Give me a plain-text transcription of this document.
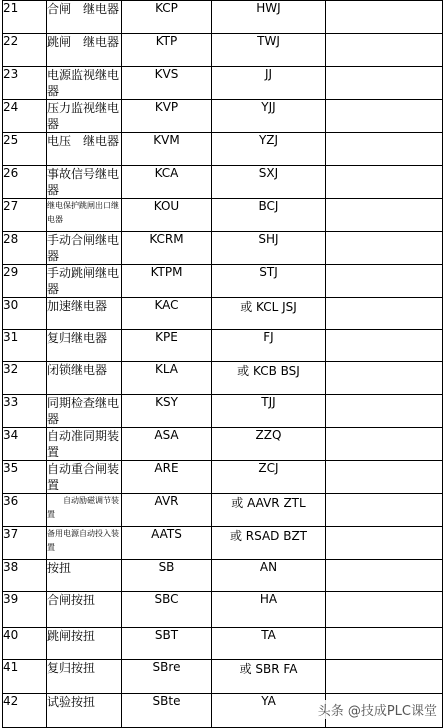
21	合闸　继电器	KCP	HWJ	
22	跳闸　继电器	KTP	TWJ	
23	电源监视继电器	KVS	JJ	
24	压力监视继电器	KVP	YJJ	
25	电压　继电器	KVM	YZJ	
26	事故信号继电器	KCA	SXJ	
27	继电保护跳闸出口继电器	KOU	BCJ	
28	手动合闸继电器	KCRM	SHJ	
29	手动跳闸继电器	KTPM	STJ	
30	加速继电器	KAC	或 KCL JSJ	
31	复归继电器	KPE	FJ	
32	闭锁继电器	KLA	或 KCB BSJ	
33	同期检查继电器	KSY	TJJ	
34	自动准同期装置	ASA	ZZQ	
35	自动重合闸装置	ARE	ZCJ	
36	　　自动励磁调节装置	AVR	或 AAVR ZTL	
37	备用电源自动投入装置	AATS	或 RSAD BZT	
38	按扭	SB	AN	
39	合闸按扭	SBC	HA	
40	跳闸按扭	SBT	TA	
41	复归按扭	SBre	或 SBR FA	
42	试验按扭	SBte	YA	
头条 @技成PLC课堂
